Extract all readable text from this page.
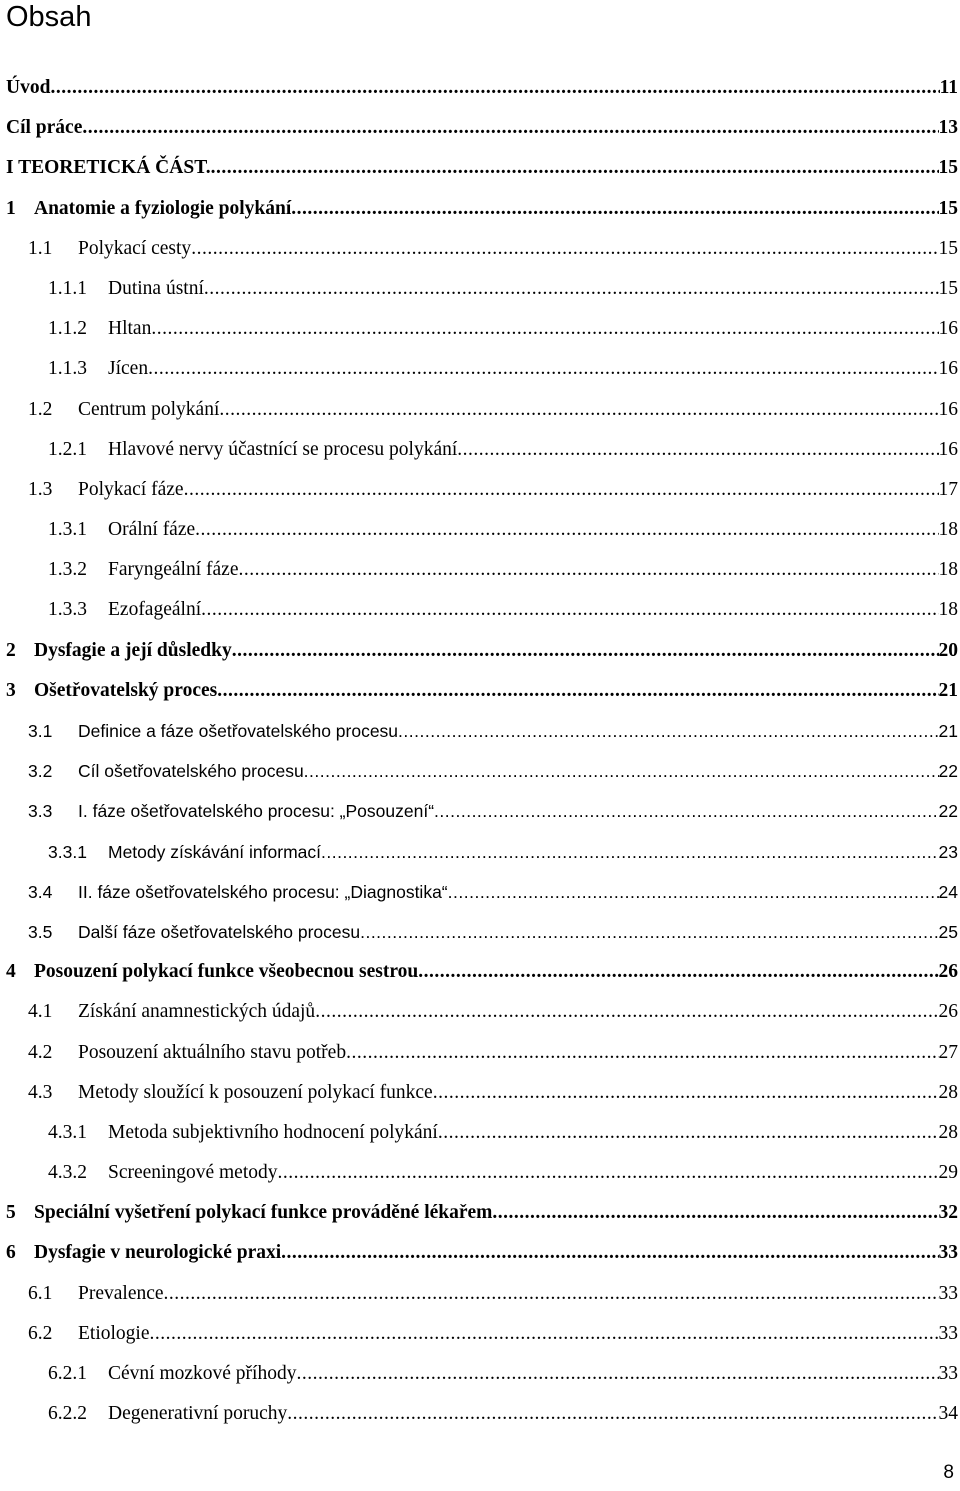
Obsah
Úvod .....	11
Cíl práce .....	13
I TEORETICKÁ ČÁST. .....	15
1 Anatomie a fyziologie polykání .....	15
1.1	Polykací cesty .....	15
1.1.1	Dutina ústní .....	15
1.1.2	Hltan .....	16
1.1.3	Jícen .....	16
1.2	Centrum polykání .....	16
1.2.1	Hlavové nervy účastnící se procesu polykání .....	16
1.3	Polykací fáze .....	17
1.3.1	Orální fáze .....	18
1.3.2	Faryngeální fáze .....	18
1.3.3	Ezofageální .....	18
2 Dysfagie a její důsledky .....	20
3 Ošetřovatelský proces .....	21
3.1	Definice a fáze ošetřovatelského procesu .....	21
3.2	Cíl ošetřovatelského procesu .....	22
3.3	I. fáze ošetřovatelského procesu: „Posouzení“ .....	22
3.3.1	Metody získávání informací .....	23
3.4	II. fáze ošetřovatelského procesu: „Diagnostika“ .....	24
3.5	Další fáze ošetřovatelského procesu .....	25
4 Posouzení polykací funkce všeobecnou sestrou .....	26
4.1	Získání anamnestických údajů .....	26
4.2	Posouzení aktuálního stavu potřeb .....	27
4.3	Metody sloužící k posouzení polykací funkce .....	28
4.3.1	Metoda subjektivního hodnocení polykání .....	28
4.3.2	Screeningové metody .....	29
5 Speciální vyšetření polykací funkce prováděné lékařem .....	32
6 Dysfagie v neurologické praxi .....	33
6.1	Prevalence .....	33
6.2	Etiologie .....	33
6.2.1	Cévní mozkové příhody .....	33
6.2.2	Degenerativní poruchy .....	34
8
